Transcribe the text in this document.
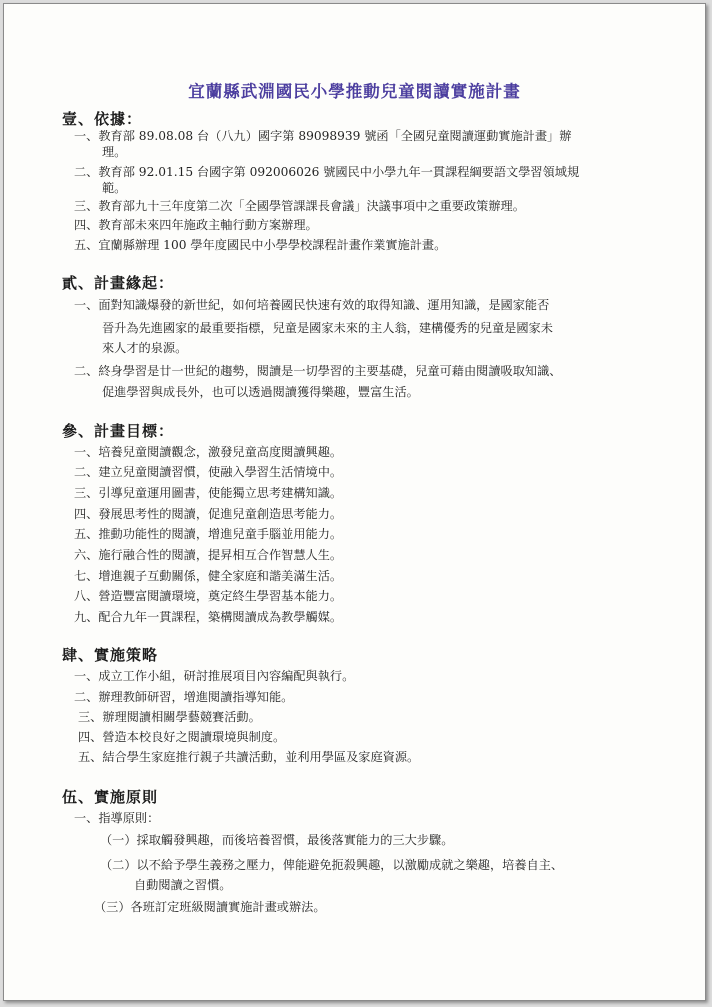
宜蘭縣武淵國民小學推動兒童閱讀實施計畫
壹、依據：
一、教育部 89.08.08 台（八九）國字第 89098939 號函「全國兒童閱讀運動實施計畫」辦
理。
二、教育部 92.01.15 台國字第 092006026 號國民中小學九年一貫課程綱要語文學習領域規
範。
三、教育部九十三年度第二次「全國學管課課長會議」決議事項中之重要政策辦理。
四、教育部未來四年施政主軸行動方案辦理。
五、宜蘭縣辦理 100 學年度國民中小學學校課程計畫作業實施計畫。
貳、計畫緣起：
一、面對知識爆發的新世紀，如何培養國民快速有效的取得知識、運用知識，是國家能否
晉升為先進國家的最重要指標，兒童是國家未來的主人翁，建構優秀的兒童是國家未
來人才的泉源。
二、終身學習是廿一世紀的趨勢，閱讀是一切學習的主要基礎，兒童可藉由閱讀吸取知識、
促進學習與成長外，也可以透過閱讀獲得樂趣，豐富生活。
參、計畫目標：
一、培養兒童閱讀觀念，激發兒童高度閱讀興趣。
二、建立兒童閱讀習慣，使融入學習生活情境中。
三、引導兒童運用圖書，使能獨立思考建構知識。
四、發展思考性的閱讀，促進兒童創造思考能力。
五、推動功能性的閱讀，增進兒童手腦並用能力。
六、施行融合性的閱讀，提昇相互合作智慧人生。
七、增進親子互動關係，健全家庭和諧美滿生活。
八、營造豐富閱讀環境，奠定終生學習基本能力。
九、配合九年一貫課程，築構閱讀成為教學觸媒。
肆、實施策略
一、成立工作小組，研討推展項目內容編配與執行。
二、辦理教師研習，增進閱讀指導知能。
三、辦理閱讀相關學藝競賽活動。
四、營造本校良好之閱讀環境與制度。
五、結合學生家庭推行親子共讀活動，並利用學區及家庭資源。
伍、實施原則
一、指導原則：
（一）採取觸發興趣，而後培養習慣，最後落實能力的三大步驟。
（二）以不給予學生義務之壓力，俾能避免扼殺興趣，以激勵成就之樂趣，培養自主、
自動閱讀之習慣。
（三）各班訂定班級閱讀實施計畫或辦法。
